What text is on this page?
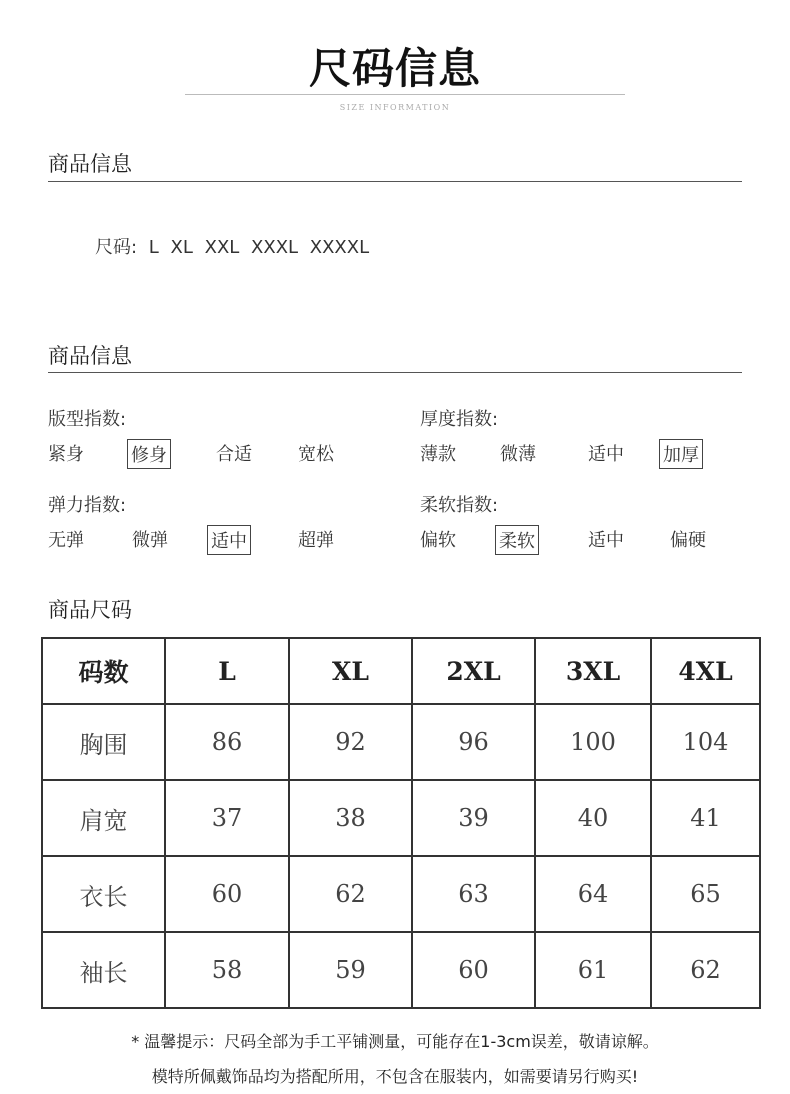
尺码信息
SIZE INFORMATION
商品信息
尺码: L XL XXL XXXL XXXXL
商品信息
版型指数:
紧身	修身	合适	宽松
厚度指数:
薄款 微薄	适中 加厚
弹力指数:
无弹	微弹 适中	超弹
柔软指数:
偏软 柔软	适中	偏硬
商品尺码
码数	L	XL	2XL	3XL	4XL
胸围	86	92	96	100	104
肩宽	37	38	39	40	41
衣长	60	62	63	64	65
袖长	58	59	60	61	62
* 温馨提示：尺码全部为手工平铺测量，可能存在1-3cm误差，敬请谅解。
模特所佩戴饰品均为搭配所用，不包含在服装内，如需要请另行购买!
